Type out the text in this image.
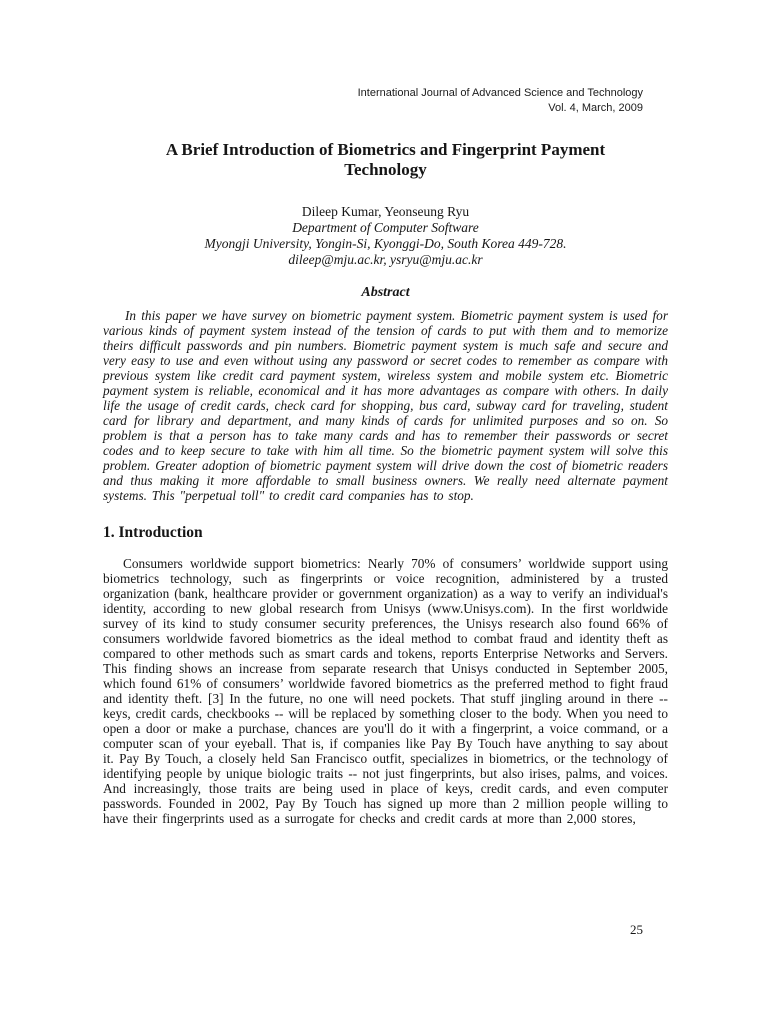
International Journal of Advanced Science and Technology
Vol. 4, March, 2009
A Brief Introduction of Biometrics and Fingerprint Payment Technology
Dileep Kumar, Yeonseung Ryu
Department of Computer Software
Myongji University, Yongin-Si, Kyonggi-Do, South Korea 449-728.
dileep@mju.ac.kr, ysryu@mju.ac.kr
Abstract

In this paper we have survey on biometric payment system. Biometric payment system is used for various kinds of payment system instead of the tension of cards to put with them and to memorize theirs difficult passwords and pin numbers. Biometric payment system is much safe and secure and very easy to use and even without using any password or secret codes to remember as compare with previous system like credit card payment system, wireless system and mobile system etc. Biometric payment system is reliable, economical and it has more advantages as compare with others. In daily life the usage of credit cards, check card for shopping, bus card, subway card for traveling, student card for library and department, and many kinds of cards for unlimited purposes and so on. So problem is that a person has to take many cards and has to remember their passwords or secret codes and to keep secure to take with him all time. So the biometric payment system will solve this problem. Greater adoption of biometric payment system will drive down the cost of biometric readers and thus making it more affordable to small business owners. We really need alternate payment systems. This "perpetual toll" to credit card companies has to stop.

1. Introduction

Consumers worldwide support biometrics: Nearly 70% of consumers’ worldwide support using biometrics technology, such as fingerprints or voice recognition, administered by a trusted organization (bank, healthcare provider or government organization) as a way to verify an individual's identity, according to new global research from Unisys (www.Unisys.com). In the first worldwide survey of its kind to study consumer security preferences, the Unisys research also found 66% of consumers worldwide favored biometrics as the ideal method to combat fraud and identity theft as compared to other methods such as smart cards and tokens, reports Enterprise Networks and Servers. This finding shows an increase from separate research that Unisys conducted in September 2005, which found 61% of consumers’ worldwide favored biometrics as the preferred method to fight fraud and identity theft. [3] In the future, no one will need pockets. That stuff jingling around in there -- keys, credit cards, checkbooks -- will be replaced by something closer to the body. When you need to open a door or make a purchase, chances are you'll do it with a fingerprint, a voice command, or a computer scan of your eyeball. That is, if companies like Pay By Touch have anything to say about it. Pay By Touch, a closely held San Francisco outfit, specializes in biometrics, or the technology of identifying people by unique biologic traits -- not just fingerprints, but also irises, palms, and voices. And increasingly, those traits are being used in place of keys, credit cards, and even computer passwords. Founded in 2002, Pay By Touch has signed up more than 2 million people willing to have their fingerprints used as a surrogate for checks and credit cards at more than 2,000 stores,

25
